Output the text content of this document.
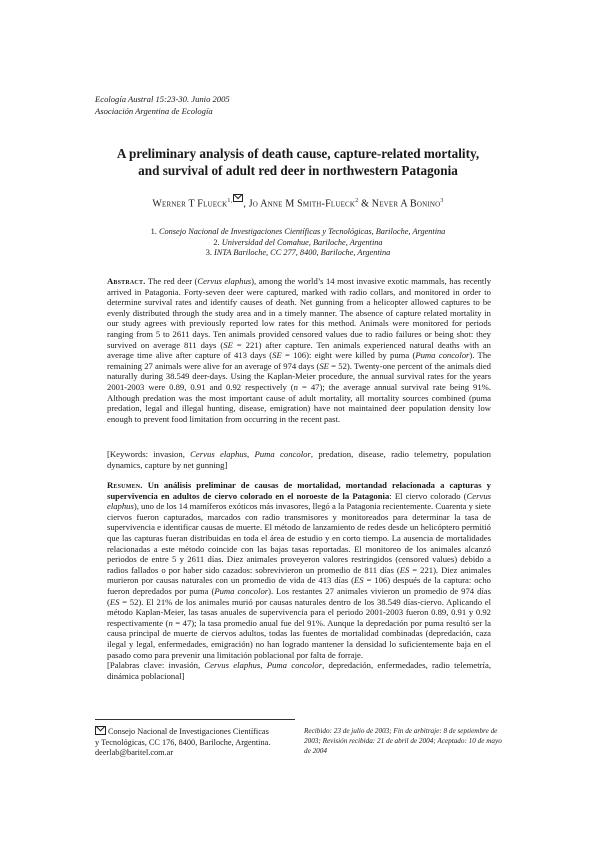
Ecología Austral 15:23-30. Junio 2005
Asociación Argentina de Ecología
A preliminary analysis of death cause, capture-related mortality,
and survival of adult red deer in northwestern Patagonia
Werner T Flueck$^{1,}$ , Jo Anne M Smith-Flueck$^2$ & Never A Bonino$^3$
1. Consejo Nacional de Investigaciones Científicas y Tecnológicas, Bariloche, Argentina
2. Universidad del Comahue, Bariloche, Argentina
3. INTA Bariloche, CC 277, 8400, Bariloche, Argentina
Abstract. The red deer (Cervus elaphus), among the world’s 14 most invasive exotic mammals, has recently arrived in Patagonia. Forty-seven deer were captured, marked with radio collars, and monitored in order to determine survival rates and identify causes of death. Net gunning from a helicopter allowed captures to be evenly distributed through the study area and in a timely manner. The absence of capture related mortality in our study agrees with previously reported low rates for this method. Animals were monitored for periods ranging from 5 to 2611 days. Ten animals provided censored values due to radio failures or being shot: they survived on average 811 days (SE = 221) after capture. Ten animals experienced natural deaths with an average time alive after capture of 413 days (SE = 106): eight were killed by puma (Puma concolor). The remaining 27 animals were alive for an average of 974 days (SE = 52). Twenty-one percent of the animals died naturally during 38.549 deer-days. Using the Kaplan-Meier procedure, the annual survival rates for the years 2001-2003 were 0.89, 0.91 and 0.92 respectively (n = 47); the average annual survival rate being 91%. Although predation was the most important cause of adult mortality, all mortality sources combined (puma predation, legal and illegal hunting, disease, emigration) have not maintained deer population density low enough to prevent food limitation from occurring in the recent past.
[Keywords: invasion, Cervus elaphus, Puma concolor, predation, disease, radio telemetry, population dynamics, capture by net gunning]
Resumen. Un análisis preliminar de causas de mortalidad, mortandad relacionada a capturas y supervivencia en adultos de ciervo colorado en el noroeste de la Patagonia: El ciervo colorado (Cervus elaphus), uno de los 14 mamíferos exóticos más invasores, llegó a la Patagonia recientemente. Cuarenta y siete ciervos fueron capturados, marcados con radio transmisores y monitoreados para determinar la tasa de supervivencia e identificar causas de muerte. El método de lanzamiento de redes desde un helicóptero permitió que las capturas fueran distribuidas en toda el área de estudio y en corto tiempo. La ausencia de mortalidades relacionadas a este método coincide con las bajas tasas reportadas. El monitoreo de los animales alcanzó periodos de entre 5 y 2611 días. Diez animales proveyeron valores restringidos (censored values) debido a radios fallados o por haber sido cazados: sobrevivieron un promedio de 811 días (ES = 221). Diez animales murieron por causas naturales con un promedio de vida de 413 días (ES = 106) después de la captura: ocho fueron depredados por puma (Puma concolor). Los restantes 27 animales vivieron un promedio de 974 días (ES = 52). El 21% de los animales murió por causas naturales dentro de los 38.549 días-ciervo. Aplicando el método Kaplan-Meier, las tasas anuales de supervivencia para el periodo 2001-2003 fueron 0.89, 0.91 y 0.92 respectivamente (n = 47); la tasa promedio anual fue del 91%. Aunque la depredación por puma resultó ser la causa principal de muerte de ciervos adultos, todas las fuentes de mortalidad combinadas (depredación, caza ilegal y legal, enfermedades, emigración) no han logrado mantener la densidad lo suficientemente baja en el pasado como para prevenir una limitación poblacional por falta de forraje.
[Palabras clave: invasión, Cervus elaphus, Puma concolor, depredación, enfermedades, radio telemetría, dinámica poblacional]
Consejo Nacional de Investigaciones Científicas
y Tecnológicas, CC 176, 8400, Bariloche, Argentina.
deerlab@baritel.com.ar
Recibido: 23 de julio de 2003; Fin de arbitraje: 8 de septiembre de 2003; Revisión recibida: 21 de abril de 2004; Aceptado: 10 de mayo de 2004
